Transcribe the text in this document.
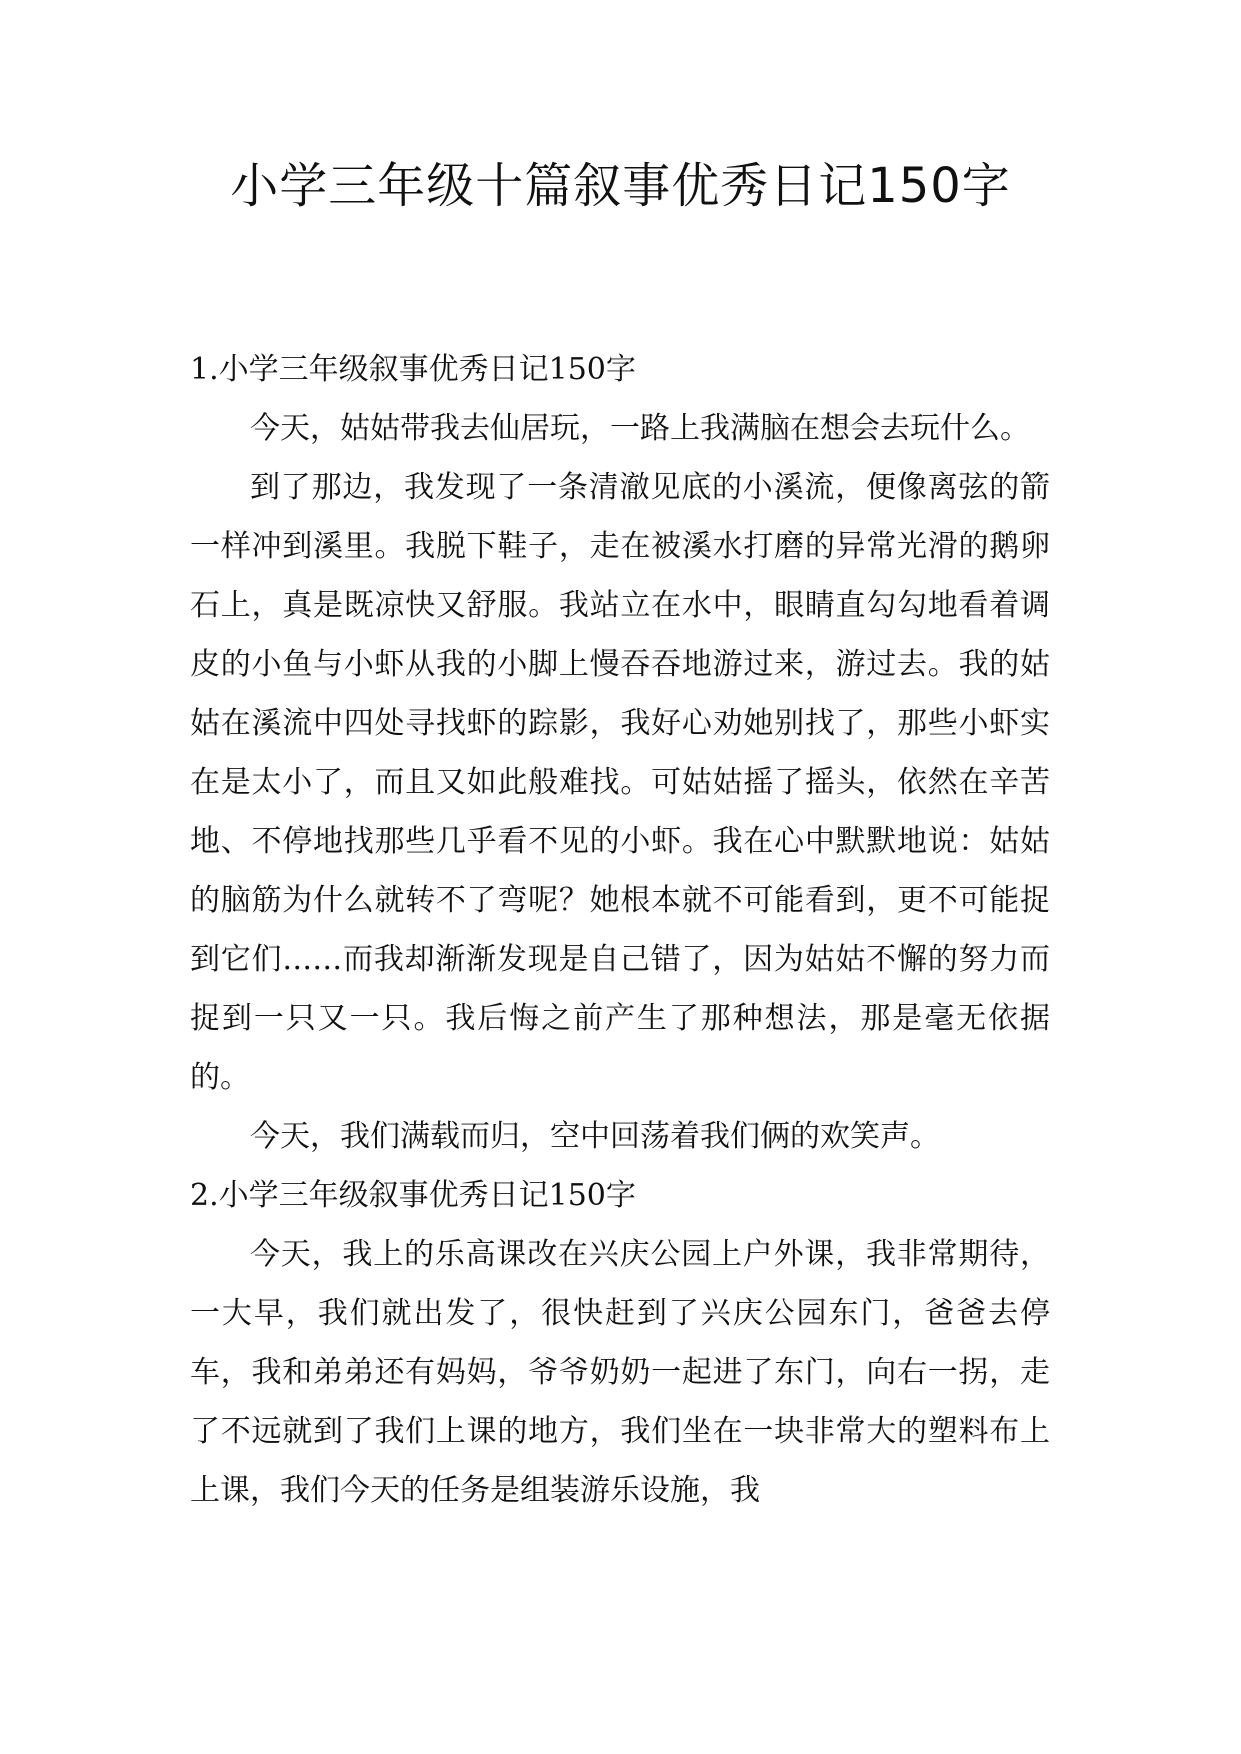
小学三年级十篇叙事优秀日记150字
1.小学三年级叙事优秀日记150字

今天，姑姑带我去仙居玩，一路上我满脑在想会去玩什么。

到了那边，我发现了一条清澈见底的小溪流，便像离弦的箭一样冲到溪里。我脱下鞋子，走在被溪水打磨的异常光滑的鹅卵石上，真是既凉快又舒服。我站立在水中，眼睛直勾勾地看着调皮的小鱼与小虾从我的小脚上慢吞吞地游过来，游过去。我的姑姑在溪流中四处寻找虾的踪影，我好心劝她别找了，那些小虾实在是太小了，而且又如此般难找。可姑姑摇了摇头，依然在辛苦地、不停地找那些几乎看不见的小虾。我在心中默默地说：姑姑的脑筋为什么就转不了弯呢？她根本就不可能看到，更不可能捉到它们……而我却渐渐发现是自己错了，因为姑姑不懈的努力而捉到一只又一只。我后悔之前产生了那种想法，那是毫无依据的。

今天，我们满载而归，空中回荡着我们俩的欢笑声。

2.小学三年级叙事优秀日记150字

今天，我上的乐高课改在兴庆公园上户外课，我非常期待，一大早，我们就出发了，很快赶到了兴庆公园东门，爸爸去停车，我和弟弟还有妈妈，爷爷奶奶一起进了东门，向右一拐，走了不远就到了我们上课的地方，我们坐在一块非常大的塑料布上上课，我们今天的任务是组装游乐设施，我
